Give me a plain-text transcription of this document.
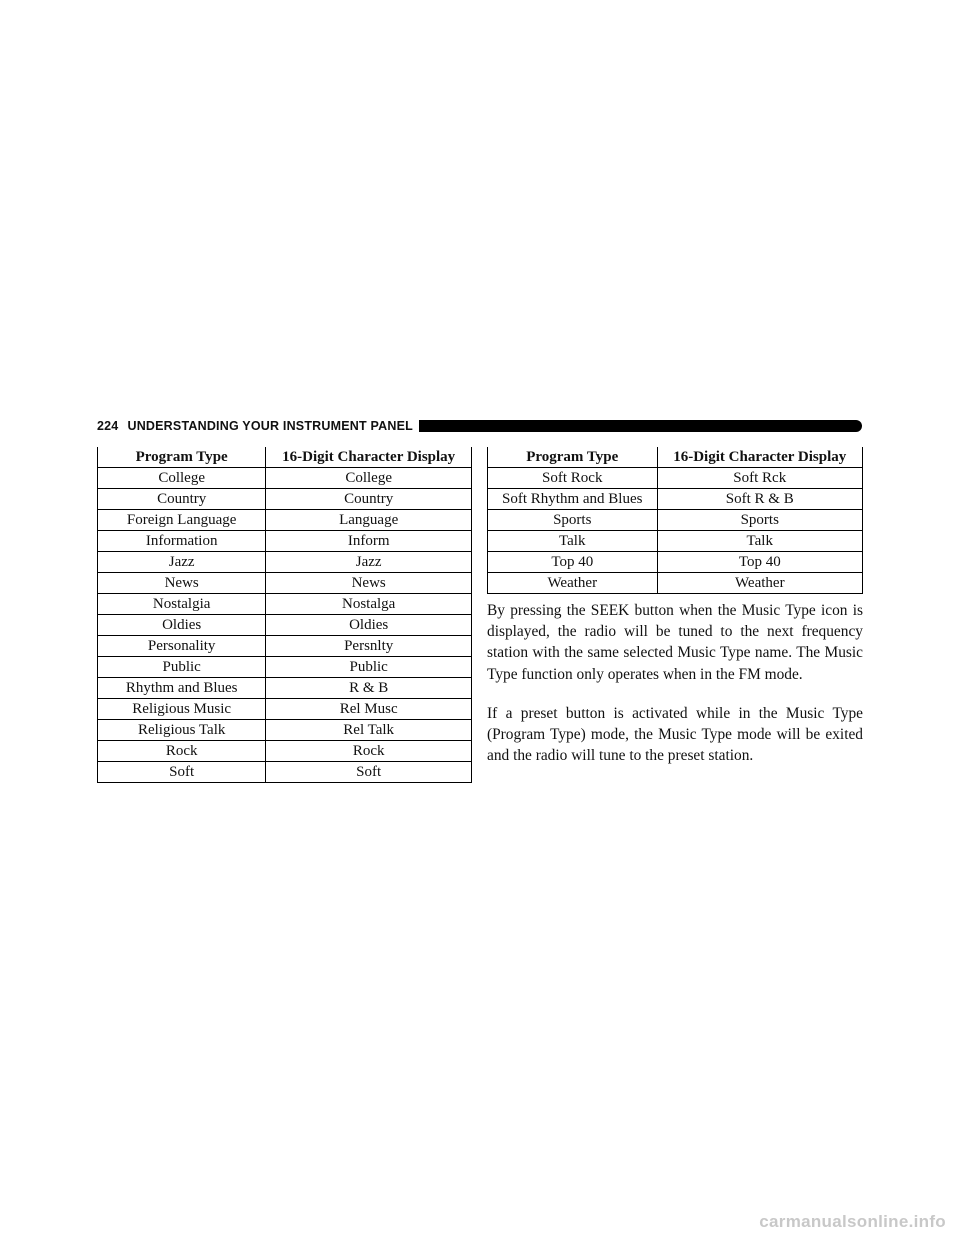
224 UNDERSTANDING YOUR INSTRUMENT PANEL
Program Type	16-Digit Character Display
College	College
Country	Country
Foreign Language	Language
Information	Inform
Jazz	Jazz
News	News
Nostalgia	Nostalga
Oldies	Oldies
Personality	Persnlty
Public	Public
Rhythm and Blues	R & B
Religious Music	Rel Musc
Religious Talk	Rel Talk
Rock	Rock
Soft	Soft
Program Type	16-Digit Character Display
Soft Rock	Soft Rck
Soft Rhythm and Blues	Soft R & B
Sports	Sports
Talk	Talk
Top 40	Top 40
Weather	Weather

By pressing the SEEK button when the Music Type icon is displayed, the radio will be tuned to the next frequency station with the same selected Music Type name. The Music Type function only operates when in the FM mode.

If a preset button is activated while in the Music Type (Program Type) mode, the Music Type mode will be exited and the radio will tune to the preset station.

carmanualsonline.info
